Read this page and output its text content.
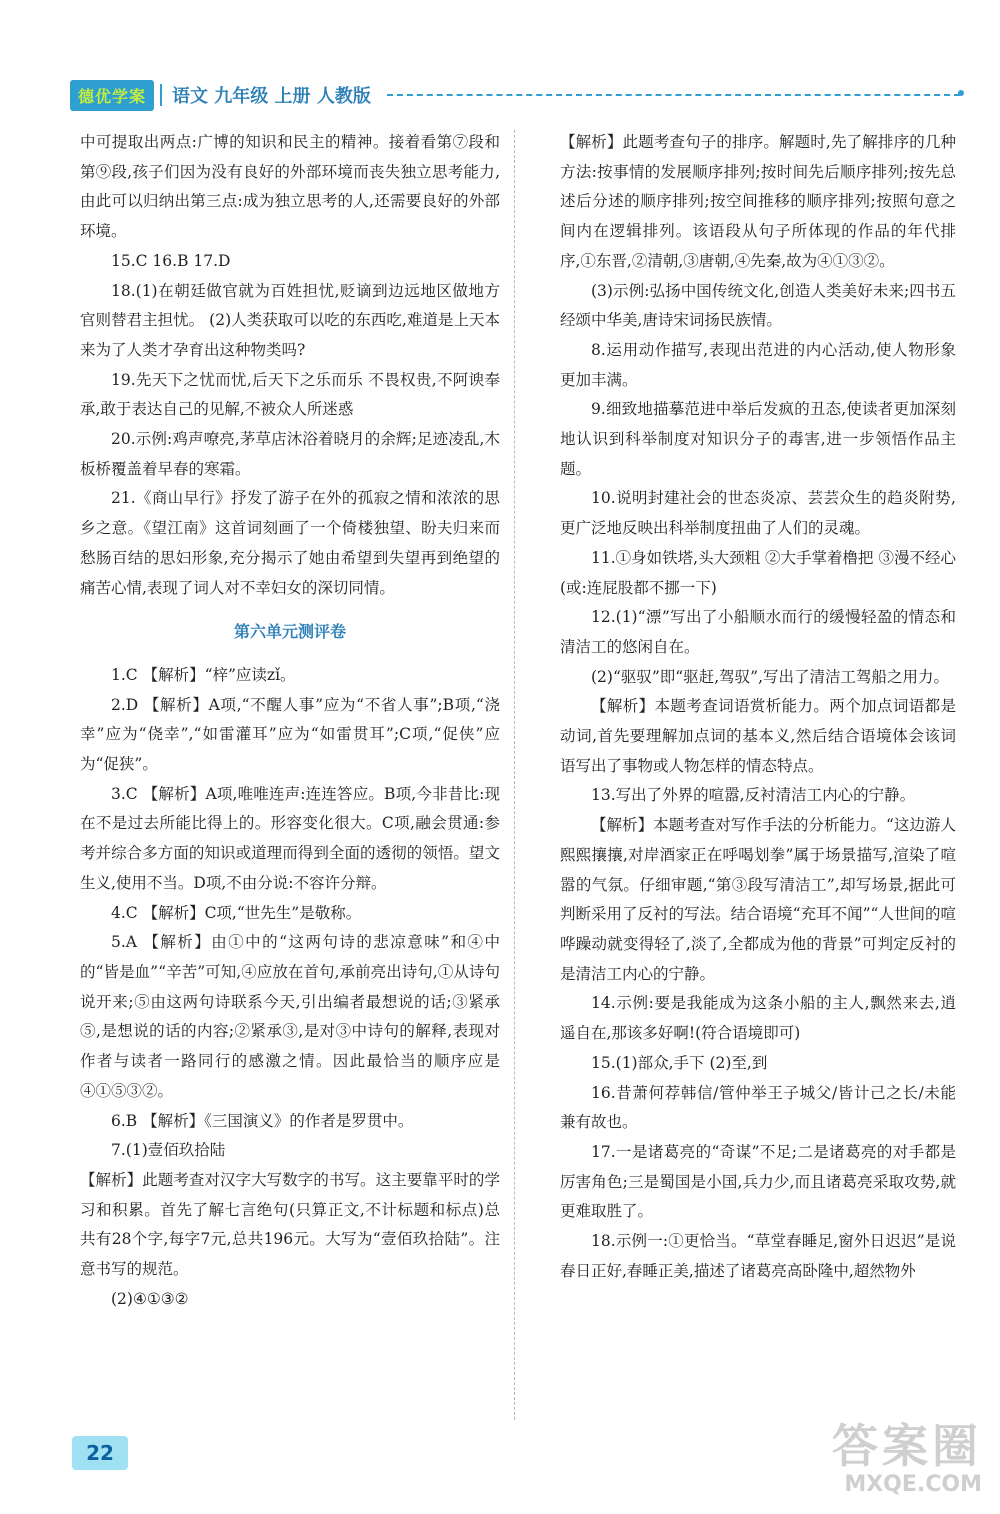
德优学案	语文 九年级 上册 人教版

中可提取出两点:广博的知识和民主的精神。接着看第⑦段和第⑨段,孩子们因为没有良好的外部环境而丧失独立思考能力,由此可以归纳出第三点:成为独立思考的人,还需要良好的外部环境。

15.C 16.B 17.D

18.(1)在朝廷做官就为百姓担忧,贬谪到边远地区做地方官则替君主担忧。 (2)人类获取可以吃的东西吃,难道是上天本来为了人类才孕育出这种物类吗?

19.先天下之忧而忧,后天下之乐而乐 不畏权贵,不阿谀奉承,敢于表达自己的见解,不被众人所迷惑

20.示例:鸡声嘹亮,茅草店沐浴着晓月的余辉;足迹凌乱,木板桥覆盖着早春的寒霜。

21.《商山早行》抒发了游子在外的孤寂之情和浓浓的思乡之意。《望江南》这首词刻画了一个倚楼独望、盼夫归来而愁肠百结的思妇形象,充分揭示了她由希望到失望再到绝望的痛苦心情,表现了词人对不幸妇女的深切同情。

第六单元测评卷

1.C 【解析】“梓”应读zǐ。

2.D 【解析】A项,“不醒人事”应为“不省人事”;B项,“浇幸”应为“侥幸”,“如雷灌耳”应为“如雷贯耳”;C项,“促侠”应为“促狭”。

3.C 【解析】A项,唯唯连声:连连答应。B项,今非昔比:现在不是过去所能比得上的。形容变化很大。C项,融会贯通:参考并综合多方面的知识或道理而得到全面的透彻的领悟。望文生义,使用不当。D项,不由分说:不容许分辩。

4.C 【解析】C项,“世先生”是敬称。

5.A 【解析】由①中的“这两句诗的悲凉意味”和④中的“皆是血”“辛苦”可知,④应放在首句,承前亮出诗句,①从诗句说开来;⑤由这两句诗联系今天,引出编者最想说的话;③紧承⑤,是想说的话的内容;②紧承③,是对③中诗句的解释,表现对作者与读者一路同行的感激之情。因此最恰当的顺序应是④①⑤③②。

6.B 【解析】《三国演义》的作者是罗贯中。

7.(1)壹佰玖拾陆

【解析】此题考查对汉字大写数字的书写。这主要靠平时的学习和积累。首先了解七言绝句(只算正文,不计标题和标点)总共有28个字,每字7元,总共196元。大写为“壹佰玖拾陆”。注意书写的规范。

(2)④①③②

【解析】此题考查句子的排序。解题时,先了解排序的几种方法:按事情的发展顺序排列;按时间先后顺序排列;按先总述后分述的顺序排列;按空间推移的顺序排列;按照句意之间内在逻辑排列。该语段从句子所体现的作品的年代排序,①东晋,②清朝,③唐朝,④先秦,故为④①③②。

(3)示例:弘扬中国传统文化,创造人类美好未来;四书五经颂中华美,唐诗宋词扬民族情。

8.运用动作描写,表现出范进的内心活动,使人物形象更加丰满。

9.细致地描摹范进中举后发疯的丑态,使读者更加深刻地认识到科举制度对知识分子的毒害,进一步领悟作品主题。

10.说明封建社会的世态炎凉、芸芸众生的趋炎附势,更广泛地反映出科举制度扭曲了人们的灵魂。

11.①身如铁塔,头大颈粗 ②大手掌着橹把 ③漫不经心(或:连屁股都不挪一下)

12.(1)“漂”写出了小船顺水而行的缓慢轻盈的情态和清洁工的悠闲自在。

(2)“驱驭”即“驱赶,驾驭”,写出了清洁工驾船之用力。

【解析】本题考查词语赏析能力。两个加点词语都是动词,首先要理解加点词的基本义,然后结合语境体会该词语写出了事物或人物怎样的情态特点。

13.写出了外界的喧嚣,反衬清洁工内心的宁静。

【解析】本题考查对写作手法的分析能力。“这边游人熙熙攘攘,对岸酒家正在呼喝划拳”属于场景描写,渲染了喧嚣的气氛。仔细审题,“第③段写清洁工”,却写场景,据此可判断采用了反衬的写法。结合语境“充耳不闻”“人世间的喧哗躁动就变得轻了,淡了,全都成为他的背景”可判定反衬的是清洁工内心的宁静。

14.示例:要是我能成为这条小船的主人,飘然来去,逍遥自在,那该多好啊!(符合语境即可)

15.(1)部众,手下 (2)至,到

16.昔萧何荐韩信/管仲举王子城父/皆计己之长/未能兼有故也。

17.一是诸葛亮的“奇谋”不足;二是诸葛亮的对手都是厉害角色;三是蜀国是小国,兵力少,而且诸葛亮采取攻势,就更难取胜了。

18.示例一:①更恰当。“草堂春睡足,窗外日迟迟”是说春日正好,春睡正美,描述了诸葛亮高卧隆中,超然物外

22	答案圈
MXQE.COM
